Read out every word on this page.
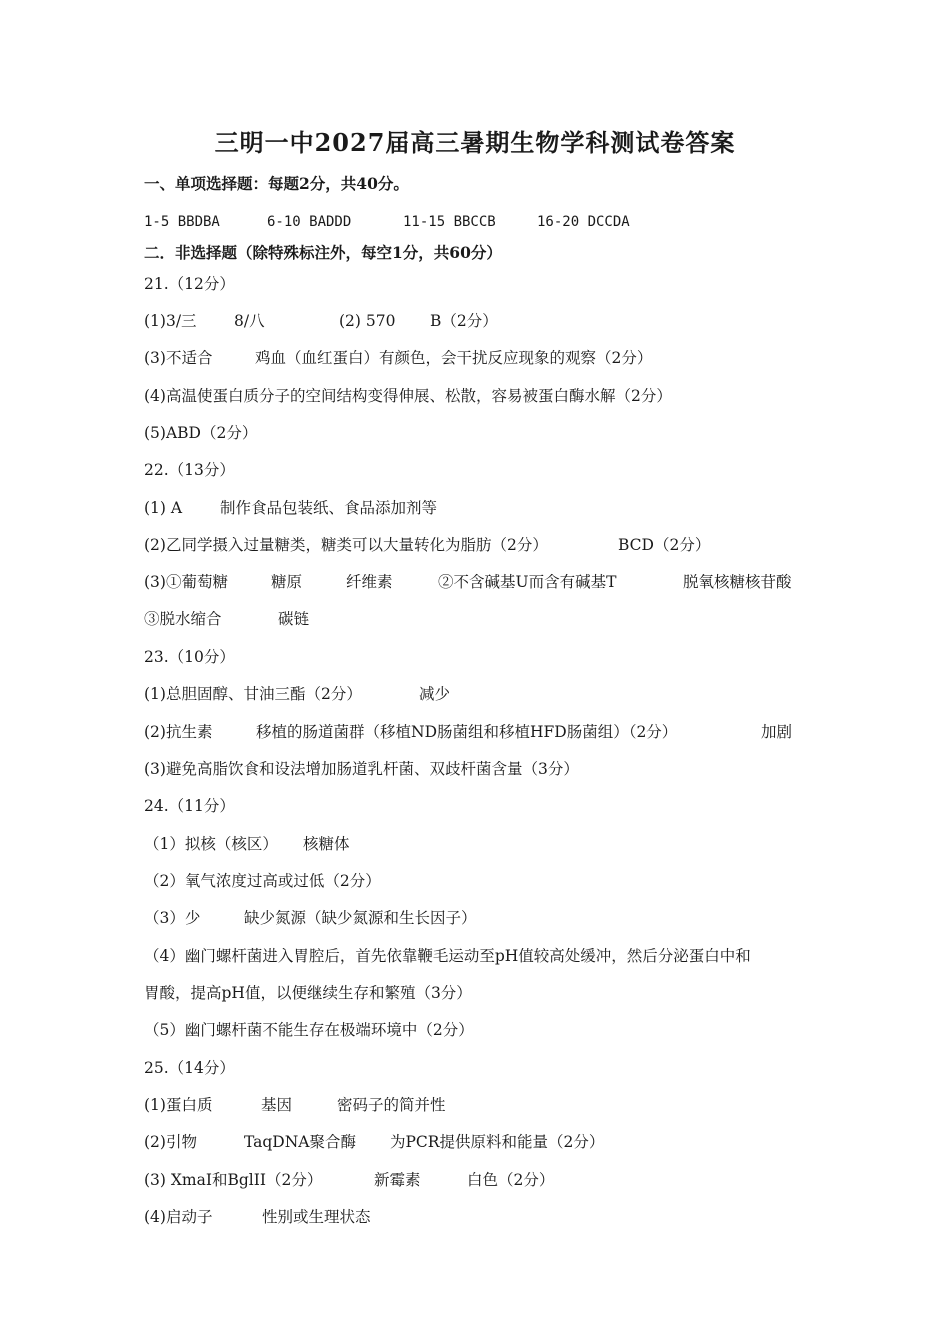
三明一中2027届高三暑期生物学科测试卷答案
一、单项选择题：每题2分，共40分。
1-5 BBDBA	6-10 BADDD	11-15 BBCCB	16-20 DCCDA
二．非选择题（除特殊标注外，每空1分，共60分）
21.（12分）
(1)3/三 8/八	(2) 570 B（2分）
(3)不适合	鸡血（血红蛋白）有颜色，会干扰反应现象的观察（2分）
(4)高温使蛋白质分子的空间结构变得伸展、松散，容易被蛋白酶水解（2分）
(5)ABD（2分）
22.（13分）
(1) A 制作食品包装纸、食品添加剂等
(2)乙同学摄入过量糖类，糖类可以大量转化为脂肪（2分）	BCD（2分）
(3)①葡萄糖	糖原	纤维素	②不含碱基U而含有碱基T	脱氧核糖核苷酸
③脱水缩合	碳链
23.（10分）
(1)总胆固醇、甘油三酯（2分）	减少
(2)抗生素	移植的肠道菌群（移植ND肠菌组和移植HFD肠菌组）（2分）	加剧
(3)避免高脂饮食和设法增加肠道乳杆菌、双歧杆菌含量（3分）
24.（11分）
（1）拟核（核区） 核糖体
（2）氧气浓度过高或过低（2分）
（3）少	缺少氮源（缺少氮源和生长因子）
（4）幽门螺杆菌进入胃腔后，首先依靠鞭毛运动至pH值较高处缓冲，然后分泌蛋白中和
胃酸，提高pH值，以便继续生存和繁殖（3分）
（5）幽门螺杆菌不能生存在极端环境中（2分）
25.（14分）
(1)蛋白质	基因	密码子的简并性
(2)引物	TaqDNA聚合酶 为PCR提供原料和能量（2分）
(3) XmaI和BglII（2分）	新霉素	白色（2分）
(4)启动子	性别或生理状态
